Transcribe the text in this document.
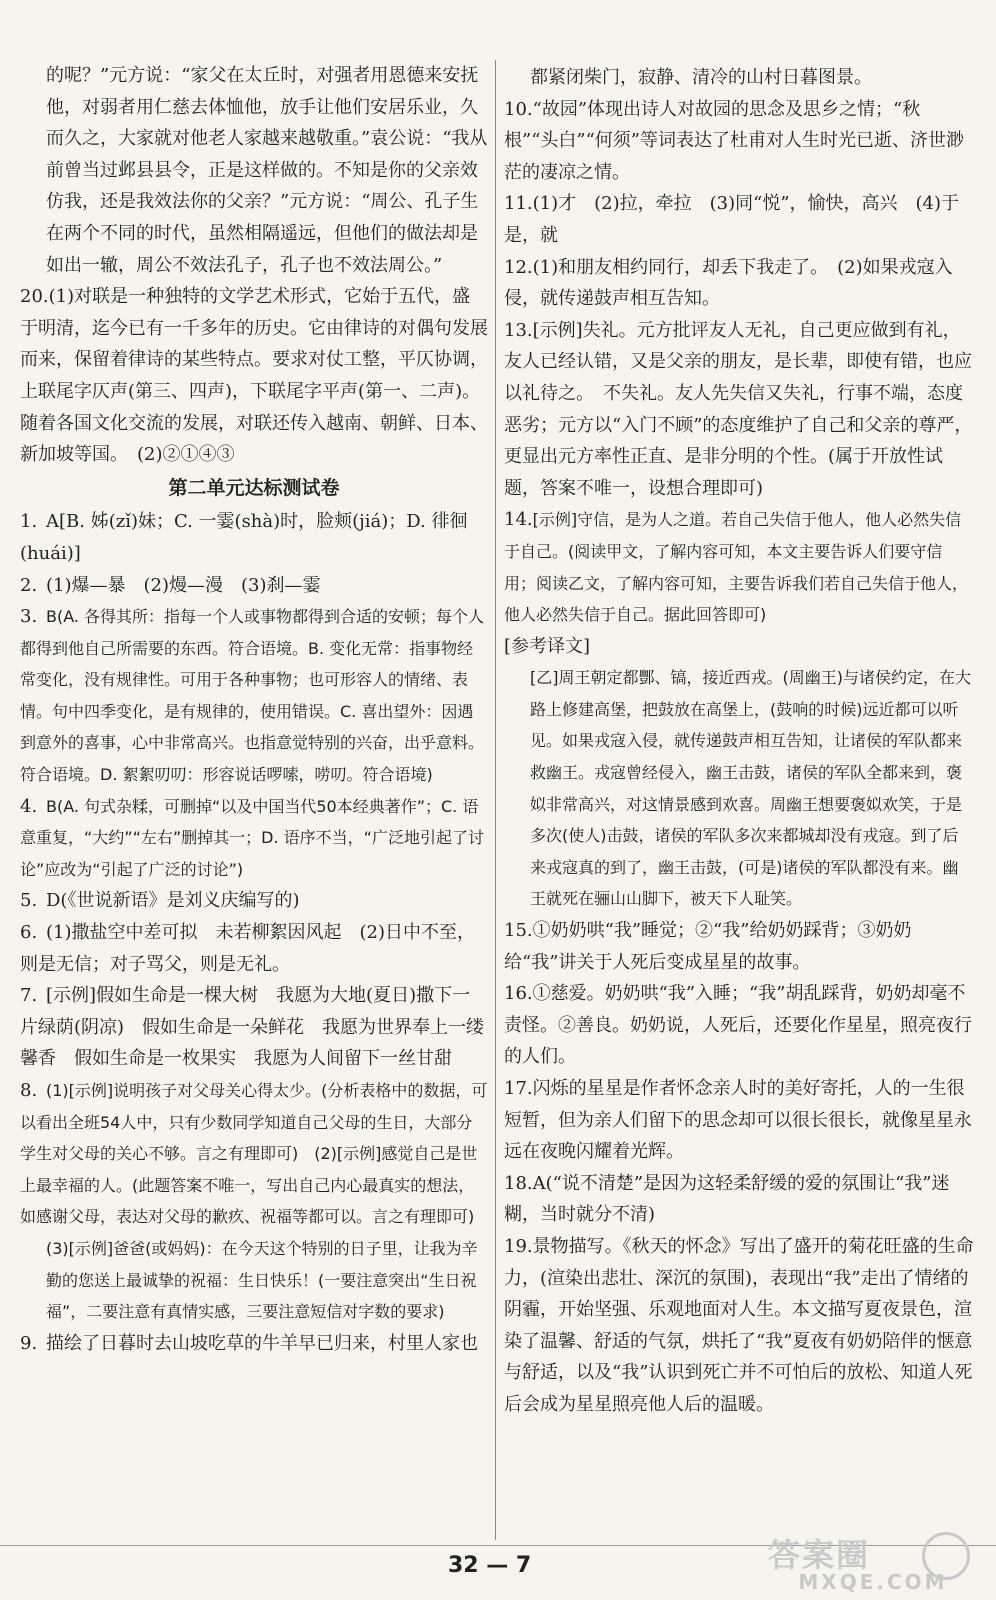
的呢？”元方说：“家父在太丘时，对强者用恩德来安抚他，对弱者用仁慈去体恤他，放手让他们安居乐业，久而久之，大家就对他老人家越来越敬重。”袁公说：“我从前曾当过邺县县令，正是这样做的。不知是你的父亲效仿我，还是我效法你的父亲？”元方说：“周公、孔子生在两个不同的时代，虽然相隔遥远，但他们的做法却是如出一辙，周公不效法孔子，孔子也不效法周公。”
20.(1)对联是一种独特的文学艺术形式，它始于五代，盛于明清，迄今已有一千多年的历史。它由律诗的对偶句发展而来，保留着律诗的某些特点。要求对仗工整，平仄协调，上联尾字仄声(第三、四声)，下联尾字平声(第一、二声)。随着各国文化交流的发展，对联还传入越南、朝鲜、日本、新加坡等国。　(2)②①④③
第二单元达标测试卷
1. A[B. 姊(zǐ)妹；C. 一霎(shà)时，脸颊(jiá)；D. 徘徊(huái)]
2. (1)爆—暴　(2)熳—漫　(3)刹—霎
3. B(A. 各得其所：指每一个人或事物都得到合适的安顿；每个人都得到他自己所需要的东西。符合语境。B. 变化无常：指事物经常变化，没有规律性。可用于各种事物；也可形容人的情绪、表情。句中四季变化，是有规律的，使用错误。C. 喜出望外：因遇到意外的喜事，心中非常高兴。也指意觉特别的兴奋，出乎意料。符合语境。D. 絮絮叨叨：形容说话啰嗦，唠叨。符合语境)
4. B(A. 句式杂糅，可删掉“以及中国当代50本经典著作”；C. 语意重复，“大约”“左右”删掉其一；D. 语序不当，“广泛地引起了讨论”应改为“引起了广泛的讨论”)
5. D(《世说新语》是刘义庆编写的)
6. (1)撒盐空中差可拟　未若柳絮因风起　(2)日中不至，则是无信；对子骂父，则是无礼。
7. [示例]假如生命是一棵大树　我愿为大地(夏日)撒下一片绿荫(阴凉)　假如生命是一朵鲜花　我愿为世界奉上一缕馨香　假如生命是一枚果实　我愿为人间留下一丝甘甜
8. (1)[示例]说明孩子对父母关心得太少。(分析表格中的数据，可以看出全班54人中，只有少数同学知道自己父母的生日，大部分学生对父母的关心不够。言之有理即可)　(2)[示例]感觉自己是世上最幸福的人。(此题答案不唯一，写出自己内心最真实的想法，如感谢父母，表达对父母的歉疚、祝福等都可以。言之有理即可)
(3)[示例]爸爸(或妈妈)：在今天这个特别的日子里，让我为辛勤的您送上最诚挚的祝福：生日快乐！(一要注意突出“生日祝福”，二要注意有真情实感，三要注意短信对字数的要求)
9. 描绘了日暮时去山坡吃草的牛羊早已归来，村里人家也
都紧闭柴门，寂静、清冷的山村日暮图景。
10.“故园”体现出诗人对故园的思念及思乡之情；“秋根”“头白”“何须”等词表达了杜甫对人生时光已逝、济世渺茫的凄凉之情。
11.(1)才　(2)拉，牵拉　(3)同“悦”，愉快，高兴　(4)于是，就
12.(1)和朋友相约同行，却丢下我走了。　(2)如果戎寇入侵，就传递鼓声相互告知。
13.[示例]失礼。元方批评友人无礼，自己更应做到有礼，友人已经认错，又是父亲的朋友，是长辈，即使有错，也应以礼待之。　不失礼。友人先失信又失礼，行事不端，态度恶劣；元方以“入门不顾”的态度维护了自己和父亲的尊严，更显出元方率性正直、是非分明的个性。(属于开放性试题，答案不唯一，设想合理即可)
14.[示例]守信，是为人之道。若自己失信于他人，他人必然失信于自己。(阅读甲文，了解内容可知，本文主要告诉人们要守信用；阅读乙文，了解内容可知，主要告诉我们若自己失信于他人，他人必然失信于自己。据此回答即可)
[参考译文]
[乙]周王朝定都酆、镐，接近西戎。(周幽王)与诸侯约定，在大路上修建高堡，把鼓放在高堡上，(鼓响的时候)远近都可以听见。如果戎寇入侵，就传递鼓声相互告知，让诸侯的军队都来救幽王。戎寇曾经侵入，幽王击鼓，诸侯的军队全都来到，褒姒非常高兴，对这情景感到欢喜。周幽王想要褒姒欢笑，于是多次(使人)击鼓，诸侯的军队多次来都城却没有戎寇。到了后来戎寇真的到了，幽王击鼓，(可是)诸侯的军队都没有来。幽王就死在骊山山脚下，被天下人耻笑。
15.①奶奶哄“我”睡觉；②“我”给奶奶踩背；③奶奶给“我”讲关于人死后变成星星的故事。
16.①慈爱。奶奶哄“我”入睡；“我”胡乱踩背，奶奶却毫不责怪。②善良。奶奶说，人死后，还要化作星星，照亮夜行的人们。
17.闪烁的星星是作者怀念亲人时的美好寄托，人的一生很短暂，但为亲人们留下的思念却可以很长很长，就像星星永远在夜晚闪耀着光辉。
18.A(“说不清楚”是因为这轻柔舒缓的爱的氛围让“我”迷糊，当时就分不清)
19.景物描写。《秋天的怀念》写出了盛开的菊花旺盛的生命力，(渲染出悲壮、深沉的氛围)，表现出“我”走出了情绪的阴霾，开始坚强、乐观地面对人生。本文描写夏夜景色，渲染了温馨、舒适的气氛，烘托了“我”夏夜有奶奶陪伴的惬意与舒适，以及“我”认识到死亡并不可怕后的放松、知道人死后会成为星星照亮他人后的温暖。
32 — 7	答案圈
MXQE.COM
